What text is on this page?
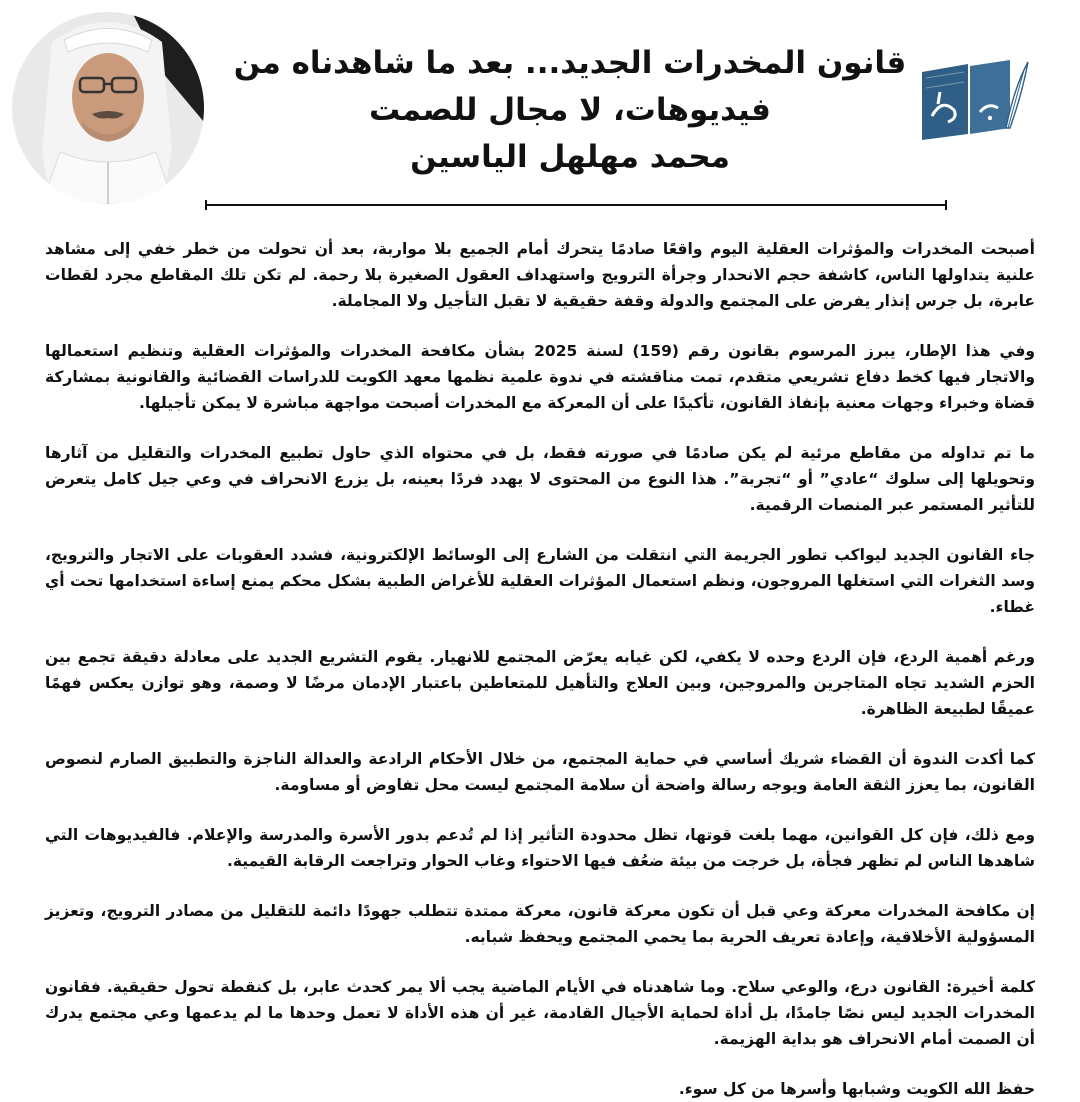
قانون المخدرات الجديد... بعد ما شاهدناه من

فيديوهات، لا مجال للصمت

محمد مهلهل الياسين

أصبحت المخدرات والمؤثرات العقلية اليوم واقعًا صادمًا يتحرك أمام الجميع بلا مواربة، بعد أن تحولت من خطر خفي إلى مشاهد علنية يتداولها الناس، كاشفة حجم الانحدار وجرأة الترويج واستهداف العقول الصغيرة بلا رحمة. لم تكن تلك المقاطع مجرد لقطات عابرة، بل جرس إنذار يفرض على المجتمع والدولة وقفة حقيقية لا تقبل التأجيل ولا المجاملة.

وفي هذا الإطار، يبرز المرسوم بقانون رقم (159) لسنة 2025 بشأن مكافحة المخدرات والمؤثرات العقلية وتنظيم استعمالها والاتجار فيها كخط دفاع تشريعي متقدم، تمت مناقشته في ندوة علمية نظمها معهد الكويت للدراسات القضائية والقانونية بمشاركة قضاة وخبراء وجهات معنية بإنفاذ القانون، تأكيدًا على أن المعركة مع المخدرات أصبحت مواجهة مباشرة لا يمكن تأجيلها.

ما تم تداوله من مقاطع مرئية لم يكن صادمًا في صورته فقط، بل في محتواه الذي حاول تطبيع المخدرات والتقليل من آثارها وتحويلها إلى سلوك “عادي” أو “تجربة”. هذا النوع من المحتوى لا يهدد فردًا بعينه، بل يزرع الانحراف في وعي جيل كامل يتعرض للتأثير المستمر عبر المنصات الرقمية.

جاء القانون الجديد ليواكب تطور الجريمة التي انتقلت من الشارع إلى الوسائط الإلكترونية، فشدد العقوبات على الاتجار والترويج، وسد الثغرات التي استغلها المروجون، ونظم استعمال المؤثرات العقلية للأغراض الطبية بشكل محكم يمنع إساءة استخدامها تحت أي غطاء.

ورغم أهمية الردع، فإن الردع وحده لا يكفي، لكن غيابه يعرّض المجتمع للانهيار. يقوم التشريع الجديد على معادلة دقيقة تجمع بين الحزم الشديد تجاه المتاجرين والمروجين، وبين العلاج والتأهيل للمتعاطين باعتبار الإدمان مرضًا لا وصمة، وهو توازن يعكس فهمًا عميقًا لطبيعة الظاهرة.

كما أكدت الندوة أن القضاء شريك أساسي في حماية المجتمع، من خلال الأحكام الرادعة والعدالة الناجزة والتطبيق الصارم لنصوص القانون، بما يعزز الثقة العامة ويوجه رسالة واضحة أن سلامة المجتمع ليست محل تفاوض أو مساومة.

ومع ذلك، فإن كل القوانين، مهما بلغت قوتها، تظل محدودة التأثير إذا لم تُدعم بدور الأسرة والمدرسة والإعلام. فالفيديوهات التي شاهدها الناس لم تظهر فجأة، بل خرجت من بيئة ضعُف فيها الاحتواء وغاب الحوار وتراجعت الرقابة القيمية.

إن مكافحة المخدرات معركة وعي قبل أن تكون معركة قانون، معركة ممتدة تتطلب جهودًا دائمة للتقليل من مصادر الترويج، وتعزيز المسؤولية الأخلاقية، وإعادة تعريف الحرية بما يحمي المجتمع ويحفظ شبابه.

كلمة أخيرة: القانون درع، والوعي سلاح. وما شاهدناه في الأيام الماضية يجب ألا يمر كحدث عابر، بل كنقطة تحول حقيقية. فقانون المخدرات الجديد ليس نصًا جامدًا، بل أداة لحماية الأجيال القادمة، غير أن هذه الأداة لا تعمل وحدها ما لم يدعمها وعي مجتمع يدرك أن الصمت أمام الانحراف هو بداية الهزيمة.

حفظ الله الكويت وشبابها وأسرها من كل سوء.
